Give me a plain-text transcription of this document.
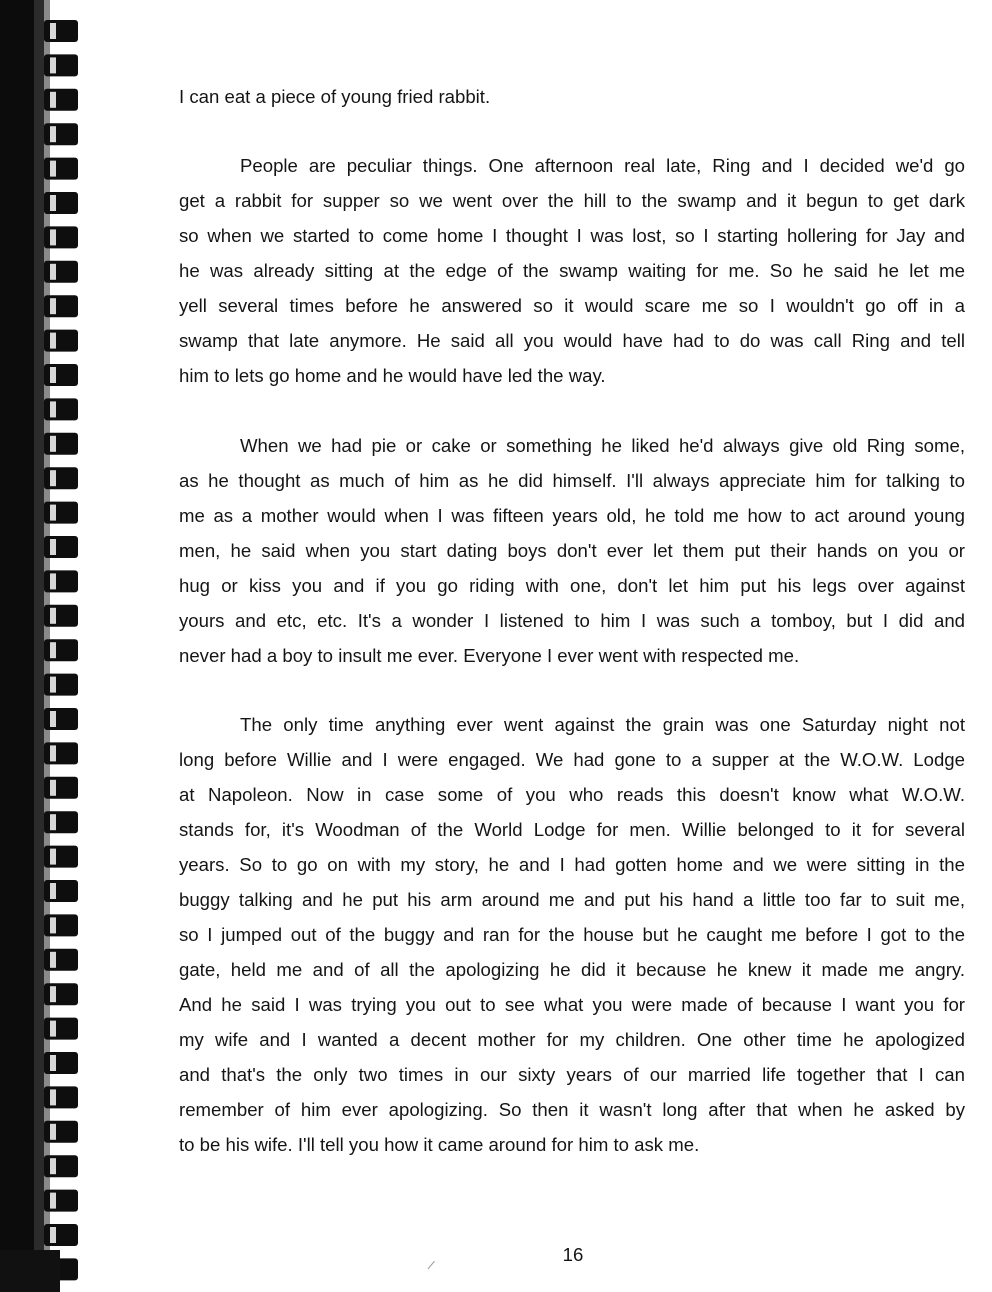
I can eat a piece of young fried rabbit.

People are peculiar things. One afternoon real late, Ring and I decided we'd go

get a rabbit for supper so we went over the hill to the swamp and it begun to get dark

so when we started to come home I thought I was lost, so I starting hollering for Jay and

he was already sitting at the edge of the swamp waiting for me. So he said he let me

yell several times before he answered so it would scare me so I wouldn't go off in a

swamp that late anymore. He said all you would have had to do was call Ring and tell

him to lets go home and he would have led the way.

When we had pie or cake or something he liked he'd always give old Ring some,

as he thought as much of him as he did himself. I'll always appreciate him for talking to

me as a mother would when I was fifteen years old, he told me how to act around young

men, he said when you start dating boys don't ever let them put their hands on you or

hug or kiss you and if you go riding with one, don't let him put his legs over against

yours and etc, etc. It's a wonder I listened to him I was such a tomboy, but I did and

never had a boy to insult me ever. Everyone I ever went with respected me.

The only time anything ever went against the grain was one Saturday night not

long before Willie and I were engaged. We had gone to a supper at the W.O.W. Lodge

at Napoleon. Now in case some of you who reads this doesn't know what W.O.W.

stands for, it's Woodman of the World Lodge for men. Willie belonged to it for several

years. So to go on with my story, he and I had gotten home and we were sitting in the

buggy talking and he put his arm around me and put his hand a little too far to suit me,

so I jumped out of the buggy and ran for the house but he caught me before I got to the

gate, held me and of all the apologizing he did it because he knew it made me angry.

And he said I was trying you out to see what you were made of because I want you for

my wife and I wanted a decent mother for my children. One other time he apologized

and that's the only two times in our sixty years of our married life together that I can

remember of him ever apologizing. So then it wasn't long after that when he asked by

to be his wife. I'll tell you how it came around for him to ask me.

16
